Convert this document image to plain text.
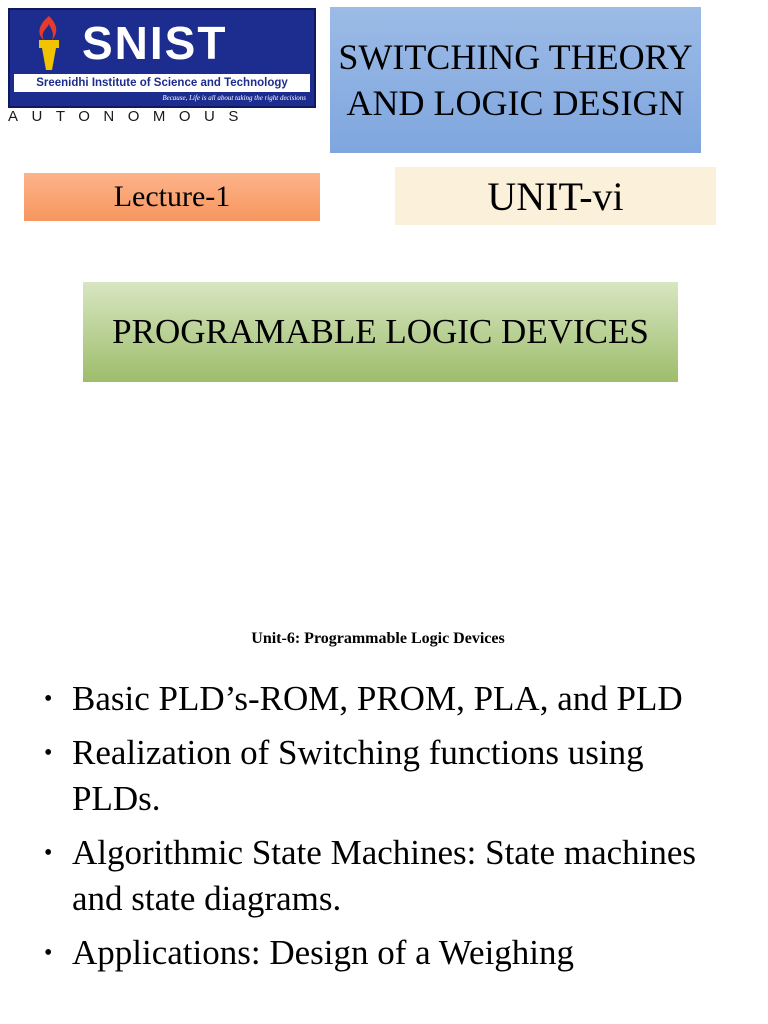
SNIST
Sreenidhi Institute of Science and Technology
Because, Life is all about taking the right decisions
AUTONOMOUS
SWITCHING THEORY AND LOGIC DESIGN
Lecture-1	UNIT-vi
PROGRAMABLE LOGIC DEVICES
Unit-6: Programmable Logic Devices
• Basic PLD’s-ROM, PROM, PLA, and PLD
• Realization of Switching functions using PLDs.
• Algorithmic State Machines: State machines and state diagrams.
• Applications: Design of a Weighing
